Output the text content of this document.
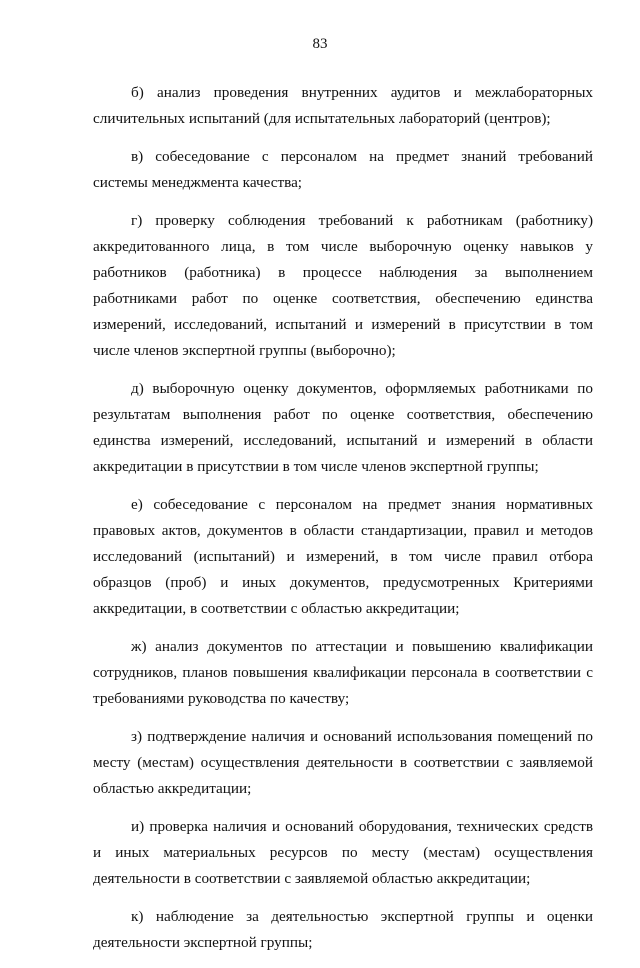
83

б) анализ проведения внутренних аудитов и межлабораторных сличительных испытаний (для испытательных лабораторий (центров);

в) собеседование с персоналом на предмет знаний требований системы менеджмента качества;

г) проверку соблюдения требований к работникам (работнику) аккредитованного лица, в том числе выборочную оценку навыков у работников (работника) в процессе наблюдения за выполнением работниками работ по оценке соответствия, обеспечению единства измерений, исследований, испытаний и измерений в присутствии в том числе членов экспертной группы (выборочно);

д) выборочную оценку документов, оформляемых работниками по результатам выполнения работ по оценке соответствия, обеспечению единства измерений, исследований, испытаний и измерений в области аккредитации в присутствии в том числе членов экспертной группы;

е) собеседование с персоналом на предмет знания нормативных правовых актов, документов в области стандартизации, правил и методов исследований (испытаний) и измерений, в том числе правил отбора образцов (проб) и иных документов, предусмотренных Критериями аккредитации, в соответствии с областью аккредитации;

ж) анализ документов по аттестации и повышению квалификации сотрудников, планов повышения квалификации персонала в соответствии с требованиями руководства по качеству;

з) подтверждение наличия и оснований использования помещений по месту (местам) осуществления деятельности в соответствии с заявляемой областью аккредитации;

и) проверка наличия и оснований оборудования, технических средств и иных материальных ресурсов по месту (местам) осуществления деятельности в соответствии с заявляемой областью аккредитации;

к) наблюдение за деятельностью экспертной группы и оценки деятельности экспертной группы;
